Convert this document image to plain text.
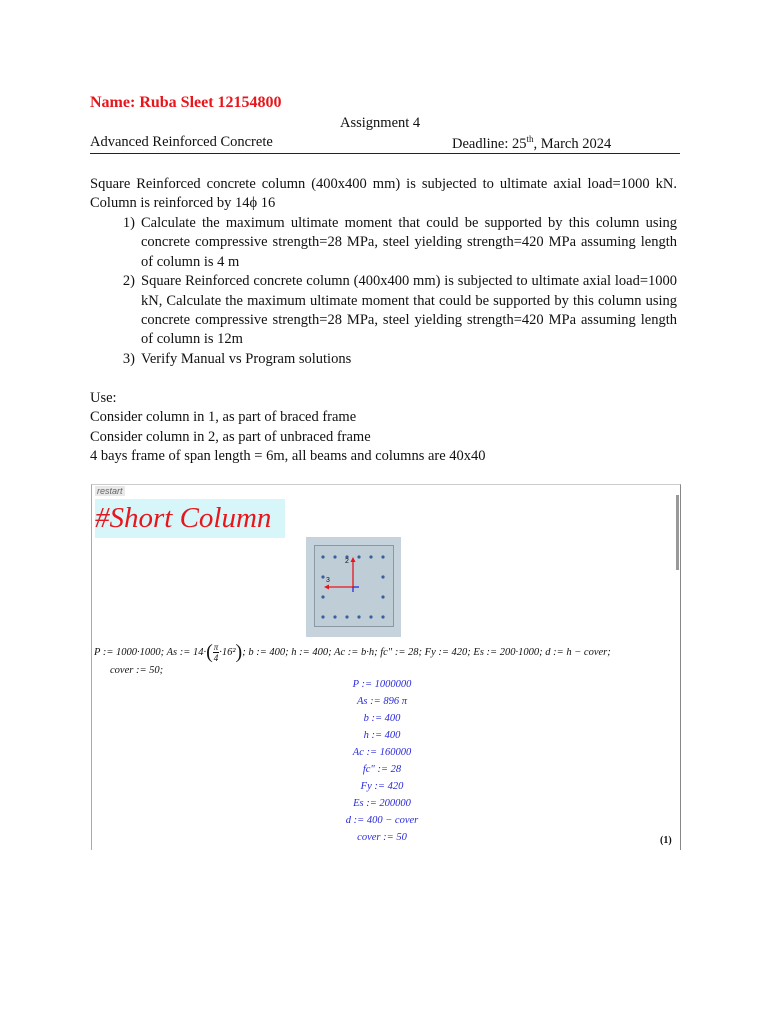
Name: Ruba Sleet 12154800
Assignment 4
Advanced Reinforced Concrete	Deadline: 25th, March 2024
Square Reinforced concrete column (400x400 mm) is subjected to ultimate axial load=1000 kN. Column is reinforced by 14ϕ 16
1) Calculate the maximum ultimate moment that could be supported by this column using concrete compressive strength=28 MPa, steel yielding strength=420 MPa assuming length of column is 4 m
2) Square Reinforced concrete column (400x400 mm) is subjected to ultimate axial load=1000 kN, Calculate the maximum ultimate moment that could be supported by this column using concrete compressive strength=28 MPa, steel yielding strength=420 MPa assuming length of column is 12m
3) Verify Manual vs Program solutions
Use:
Consider column in 1, as part of braced frame
Consider column in 2, as part of unbraced frame
4 bays frame of span length = 6m, all beams and columns are 40x40
restart
#Short Column
2
3
P := 1000·1000; As := $14\cdot( \frac{\pi}{4} \cdot 16^2)$; b := 400; h := 400; Ac := b·h; fc" := 28; Fy := 420; Es := 200·1000; d := h − cover;
cover := 50;
P := 1000000
As := 896 π
b := 400
h := 400
Ac := 160000
fc" := 28
Fy := 420
Es := 200000
d := 400 − cover
cover := 50	(1)
